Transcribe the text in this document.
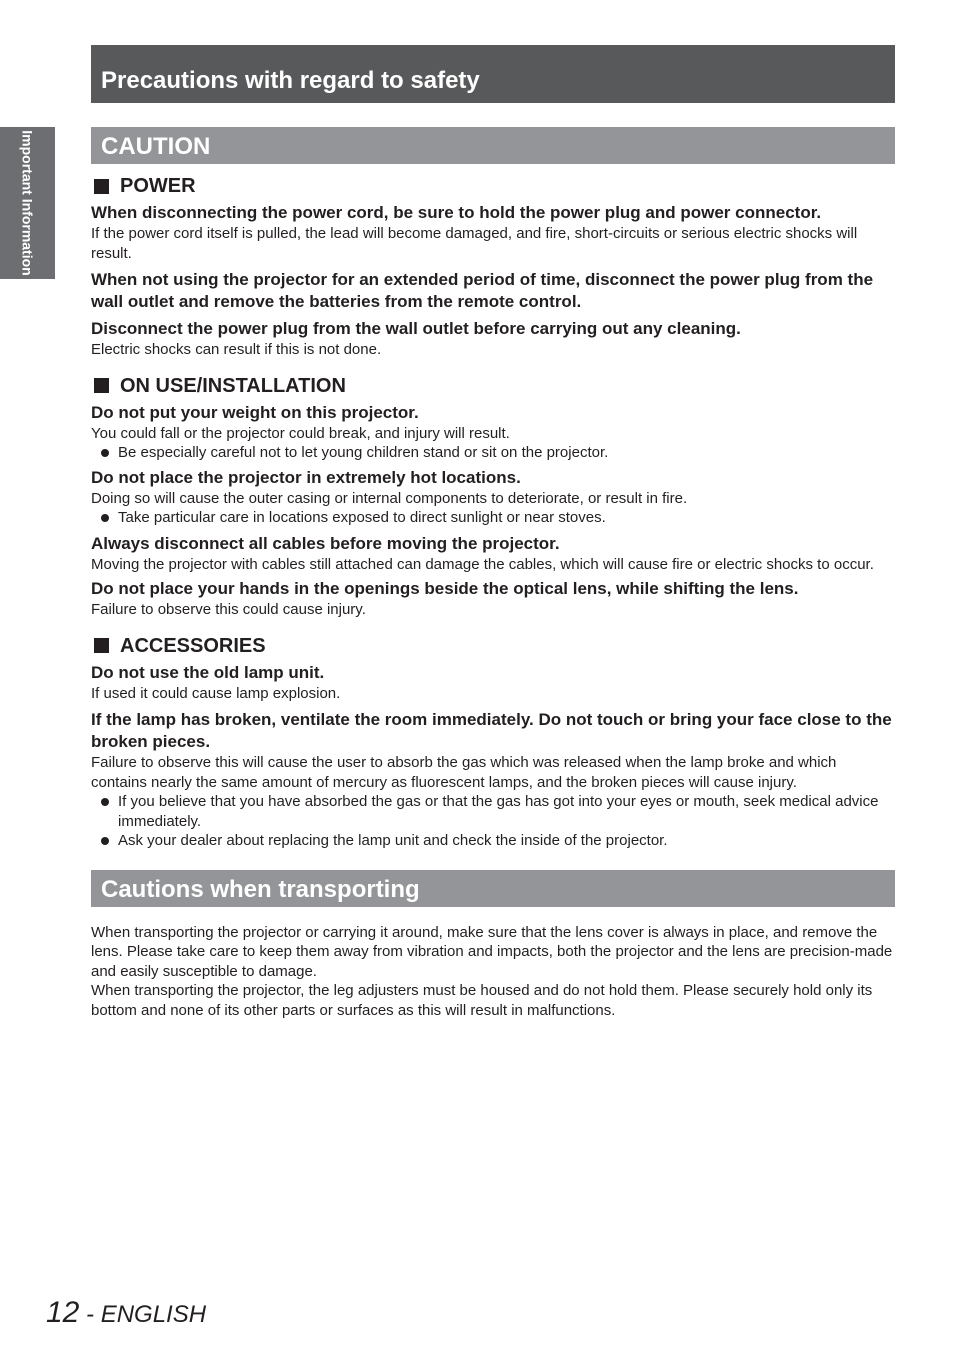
Important Information
Precautions with regard to safety
CAUTION
POWER
When disconnecting the power cord, be sure to hold the power plug and power connector.
If the power cord itself is pulled, the lead will become damaged, and fire, short-circuits or serious electric shocks will result.
When not using the projector for an extended period of time, disconnect the power plug from the wall outlet and remove the batteries from the remote control.
Disconnect the power plug from the wall outlet before carrying out any cleaning.
Electric shocks can result if this is not done.
ON USE/INSTALLATION
Do not put your weight on this projector.
You could fall or the projector could break, and injury will result.
Be especially careful not to let young children stand or sit on the projector.
Do not place the projector in extremely hot locations.
Doing so will cause the outer casing or internal components to deteriorate, or result in fire.
Take particular care in locations exposed to direct sunlight or near stoves.
Always disconnect all cables before moving the projector.
Moving the projector with cables still attached can damage the cables, which will cause fire or electric shocks to occur.
Do not place your hands in the openings beside the optical lens, while shifting the lens.
Failure to observe this could cause injury.
ACCESSORIES
Do not use the old lamp unit.
If used it could cause lamp explosion.
If the lamp has broken, ventilate the room immediately. Do not touch or bring your face close to the broken pieces.
Failure to observe this will cause the user to absorb the gas which was released when the lamp broke and which contains nearly the same amount of mercury as fluorescent lamps, and the broken pieces will cause injury.
If you believe that you have absorbed the gas or that the gas has got into your eyes or mouth, seek medical advice immediately.
Ask your dealer about replacing the lamp unit and check the inside of the projector.
Cautions when transporting
When transporting the projector or carrying it around, make sure that the lens cover is always in place, and remove the lens. Please take care to keep them away from vibration and impacts, both the projector and the lens are precision-made and easily susceptible to damage.
When transporting the projector, the leg adjusters must be housed and do not hold them. Please securely hold only its bottom and none of its other parts or surfaces as this will result in malfunctions.
12 - ENGLISH
